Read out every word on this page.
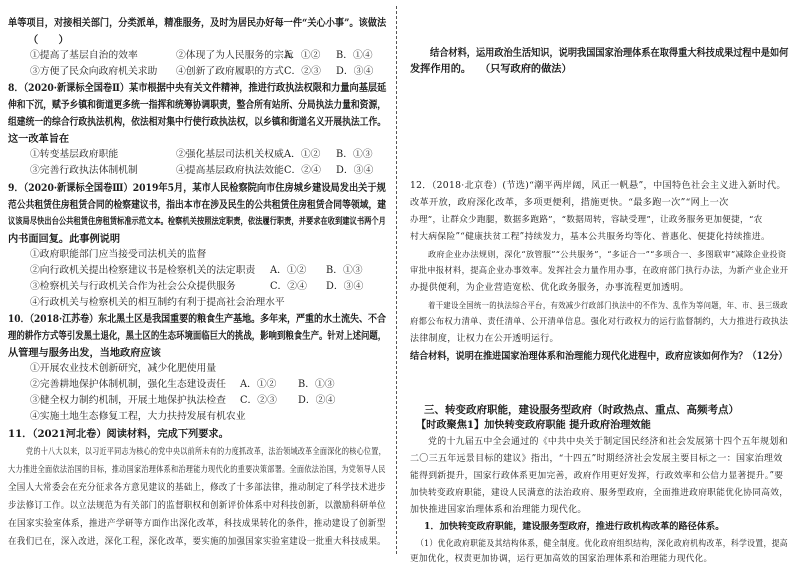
单等项目，对接相关部门，分类派单，精准服务，及时为居民办好每一件“关心小事”。该做法
（　　）
①提高了基层自治的效率	②体现了为人民服务的宗旨
A．①② B．①④
③方便了民众向政府机关求助 ④创新了政府履职的方式 C．②③ D．③④
8．（2020·新课标全国卷Ⅱ）某市根据中央有关文件精神，推进行政执法权限和力量向基层延
伸和下沉，赋予乡镇和街道更多统一指挥和统筹协调职责，整合所有站所、分局执法力量和资源，
组建统一的综合行政执法机构，依法相对集中行使行政执法权，以乡镇和街道名义开展执法工作。
这一改革旨在
①转变基层政府职能	②强化基层司法机关权威 A．①② B．①③
③完善行政执法体制机制	④提高基层政府执法效能 C．②④ D．③④
9．（2020·新课标全国卷Ⅲ）2019年5月，某市人民检察院向市住房城乡建设局发出关于规
范公共租赁住房租赁合同的检察建议书，指出本市在涉及民生的公共租赁住房租赁合同等领域，建
议该局尽快出台公共租赁住房租赁标准示范文本。检察机关按照法定职责，依法履行职责，并要求在收到建议书两个月
内书面回复。此事例说明
①政府职能部门应当接受司法机关的监督
②向行政机关提出检察建议书是检察机关的法定职责 A．①② B．①③
③检察机关与行政机关合作为社会公众提供服务	C．②④ D．③④
④行政机关与检察机关的相互制约有利于提高社会治理水平
10．（2018·江苏卷）东北黑土区是我国重要的粮食生产基地。多年来，严重的水土流失、不合
理的耕作方式等引发黑土退化，黑土区的生态环境面临巨大的挑战，影响到粮食生产。针对上述问题，
从管理与服务出发，当地政府应该
①开展农业技术创新研究，减少化肥使用量
②完善耕地保护体制机制，强化生态建设责任 A．①② B．①③
③健全权力制约机制，开展土地保护执法检查 C．②③ D．②④
④实施土地生态修复工程，大力扶持发展有机农业
11．（2021河北卷）阅读材料，完成下列要求。
党的十八大以来，以习近平同志为核心的党中央以前所未有的力度抓改革，法治领域改革全面深化的核心位置，
大力推进全面依法治国的目标，推动国家治理体系和治理能力现代化的重要决策部署。全面依法治国，为党领导人民
全国人大常委会在充分征求各方意见建议的基础上，修改了十多部法律，推动制定了科学技术进步
步法修订工作。以立法规范为有关部门的监督职权和创新评价体系中对科技创新，以激励科研单位
在国家实验室体系，推进产学研等方面作出深化改革，科技成果转化的条件，推动建设了创新型
在我们已在，深入改进，深化工程，深化改革，要实施的加强国家实验室建设一批重大科技成果。
结合材料，运用政治生活知识，说明我国国家治理体系在取得重大科技成果过程中是如何
发挥作用的。 （只写政府的做法）
12．（2018·北京卷）(节选)“潮平两岸阔，风正一帆悬”，中国特色社会主义进入新时代。
改革开放，政府深化改革，多项更便利，措施更快。“最多跑一次”“网上一次
办理”，让群众少跑腿，数据多跑路”，“数据周转，容缺受理”，让政务服务更加便捷，“农
村大病保险”“健康扶贫工程”持续发力，基本公共服务均等化、普惠化、便捷化持续推进。
政府企业办法规则，深化“放管服”“公共服务”，“多证合一”“多项合一、多图联审”减除企业投资
审批申报材料，提高企业办事效率。发挥社会力量作用办事，在政府部门执行办法，为新产业企业开
办提供便利，为企业营造宽松、优化政务服务，办事流程更加透明。
着干建设全国统一的执法综合平台，有效减少行政部门执法中的不作为、乱作为等问题，年、市、县三级政
府都公布权力清单、责任清单、公开清单信息。强化对行政权力的运行监督制约，大力推进行政执法
法律制度，让权力在公开透明运行。
结合材料，说明在推进国家治理体系和治理能力现代化进程中，政府应该如何作为？（12分）
三、转变政府职能，建设服务型政府（时政热点、重点、高频考点）
【时政聚焦1】加快转变政府职能 提升政府治理效能
党的十九届五中全会通过的《中共中央关于制定国民经济和社会发展第十四个五年规划和
二〇三五年远景目标的建议》指出，“十四五”时期经济社会发展主要目标之一：国家治理效
能得到新提升，国家行政体系更加完善，政府作用更好发挥，行政效率和公信力显著提升。”要
加快转变政府职能，建设人民满意的法治政府、服务型政府，全面推进政府职能优化协同高效，
加快推进国家治理体系和治理能力现代化。
1．加快转变政府职能，建设服务型政府，推进行政机构改革的路径体系。
（1）优化政府职能及其结构体系，健全制度。优化政府组织结构，深化政府机构改革，科学设置，提高
更加优化，权责更加协调，运行更加高效的国家治理体系和治理能力现代化。
